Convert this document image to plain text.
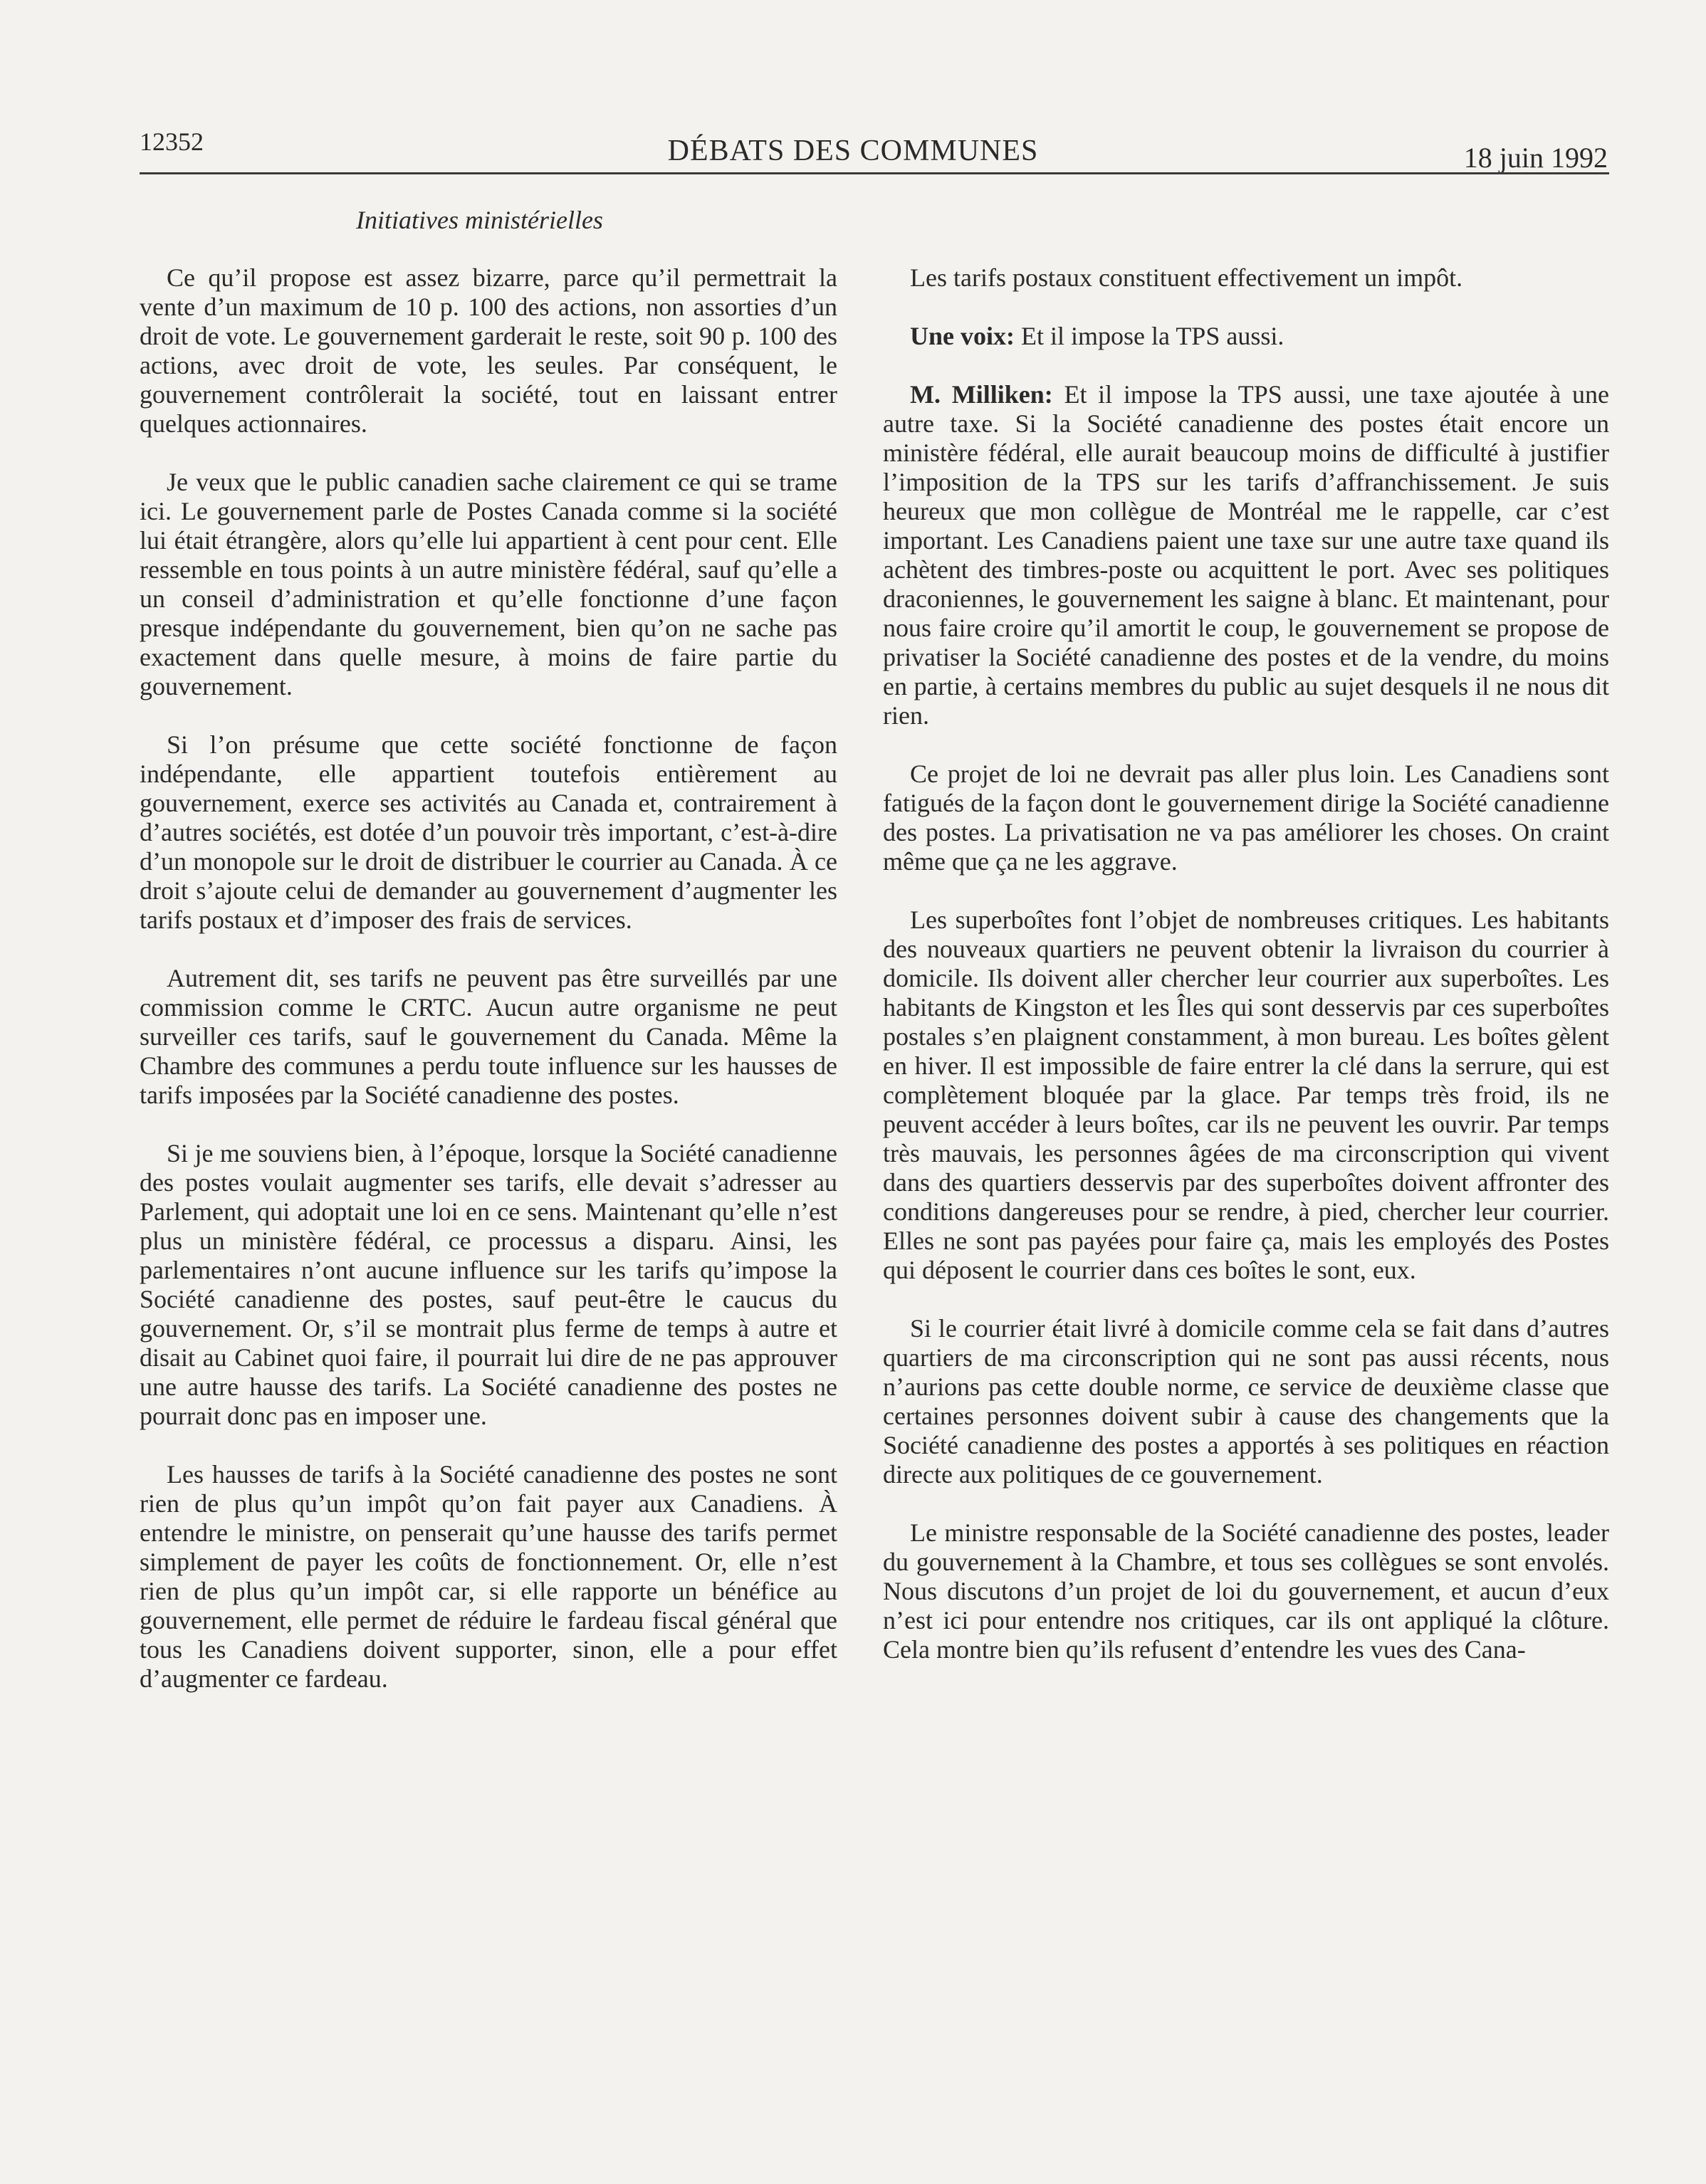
12352	DÉBATS DES COMMUNES	18 juin 1992
Initiatives ministérielles

Ce qu’il propose est assez bizarre, parce qu’il permettrait la vente d’un maximum de 10 p. 100 des actions, non assorties d’un droit de vote. Le gouvernement garderait le reste, soit 90 p. 100 des actions, avec droit de vote, les seules. Par conséquent, le gouvernement contrôlerait la société, tout en laissant entrer quelques actionnaires.

Je veux que le public canadien sache clairement ce qui se trame ici. Le gouvernement parle de Postes Canada comme si la société lui était étrangère, alors qu’elle lui appartient à cent pour cent. Elle ressemble en tous points à un autre ministère fédéral, sauf qu’elle a un conseil d’administration et qu’elle fonctionne d’une façon presque indépendante du gouvernement, bien qu’on ne sache pas exactement dans quelle mesure, à moins de faire partie du gouvernement.

Si l’on présume que cette société fonctionne de façon indépendante, elle appartient toutefois entièrement au gouvernement, exerce ses activités au Canada et, contrairement à d’autres sociétés, est dotée d’un pouvoir très important, c’est-à-dire d’un monopole sur le droit de distribuer le courrier au Canada. À ce droit s’ajoute celui de demander au gouvernement d’augmenter les tarifs postaux et d’imposer des frais de services.

Autrement dit, ses tarifs ne peuvent pas être surveillés par une commission comme le CRTC. Aucun autre organisme ne peut surveiller ces tarifs, sauf le gouvernement du Canada. Même la Chambre des communes a perdu toute influence sur les hausses de tarifs imposées par la Société canadienne des postes.

Si je me souviens bien, à l’époque, lorsque la Société canadienne des postes voulait augmenter ses tarifs, elle devait s’adresser au Parlement, qui adoptait une loi en ce sens. Maintenant qu’elle n’est plus un ministère fédéral, ce processus a disparu. Ainsi, les parlementaires n’ont aucune influence sur les tarifs qu’impose la Société canadienne des postes, sauf peut-être le caucus du gouvernement. Or, s’il se montrait plus ferme de temps à autre et disait au Cabinet quoi faire, il pourrait lui dire de ne pas approuver une autre hausse des tarifs. La Société canadienne des postes ne pourrait donc pas en imposer une.

Les hausses de tarifs à la Société canadienne des postes ne sont rien de plus qu’un impôt qu’on fait payer aux Canadiens. À entendre le ministre, on penserait qu’une hausse des tarifs permet simplement de payer les coûts de fonctionnement. Or, elle n’est rien de plus qu’un impôt car, si elle rapporte un bénéfice au gouvernement, elle permet de réduire le fardeau fiscal général que tous les Canadiens doivent supporter, sinon, elle a pour effet d’augmenter ce fardeau.

Les tarifs postaux constituent effectivement un impôt.

Une voix: Et il impose la TPS aussi.

M. Milliken: Et il impose la TPS aussi, une taxe ajoutée à une autre taxe. Si la Société canadienne des postes était encore un ministère fédéral, elle aurait beaucoup moins de difficulté à justifier l’imposition de la TPS sur les tarifs d’affranchissement. Je suis heureux que mon collègue de Montréal me le rappelle, car c’est important. Les Canadiens paient une taxe sur une autre taxe quand ils achètent des timbres-poste ou acquittent le port. Avec ses politiques draconiennes, le gouvernement les saigne à blanc. Et maintenant, pour nous faire croire qu’il amortit le coup, le gouvernement se propose de privatiser la Société canadienne des postes et de la vendre, du moins en partie, à certains membres du public au sujet desquels il ne nous dit rien.

Ce projet de loi ne devrait pas aller plus loin. Les Canadiens sont fatigués de la façon dont le gouvernement dirige la Société canadienne des postes. La privatisation ne va pas améliorer les choses. On craint même que ça ne les aggrave.

Les superboîtes font l’objet de nombreuses critiques. Les habitants des nouveaux quartiers ne peuvent obtenir la livraison du courrier à domicile. Ils doivent aller chercher leur courrier aux superboîtes. Les habitants de Kingston et les Îles qui sont desservis par ces superboîtes postales s’en plaignent constamment, à mon bureau. Les boîtes gèlent en hiver. Il est impossible de faire entrer la clé dans la serrure, qui est complètement bloquée par la glace. Par temps très froid, ils ne peuvent accéder à leurs boîtes, car ils ne peuvent les ouvrir. Par temps très mauvais, les personnes âgées de ma circonscription qui vivent dans des quartiers desservis par des superboîtes doivent affronter des conditions dangereuses pour se rendre, à pied, chercher leur courrier. Elles ne sont pas payées pour faire ça, mais les employés des Postes qui déposent le courrier dans ces boîtes le sont, eux.

Si le courrier était livré à domicile comme cela se fait dans d’autres quartiers de ma circonscription qui ne sont pas aussi récents, nous n’aurions pas cette double norme, ce service de deuxième classe que certaines personnes doivent subir à cause des changements que la Société canadienne des postes a apportés à ses politiques en réaction directe aux politiques de ce gouvernement.

Le ministre responsable de la Société canadienne des postes, leader du gouvernement à la Chambre, et tous ses collègues se sont envolés. Nous discutons d’un projet de loi du gouvernement, et aucun d’eux n’est ici pour entendre nos critiques, car ils ont appliqué la clôture. Cela montre bien qu’ils refusent d’entendre les vues des Cana-
